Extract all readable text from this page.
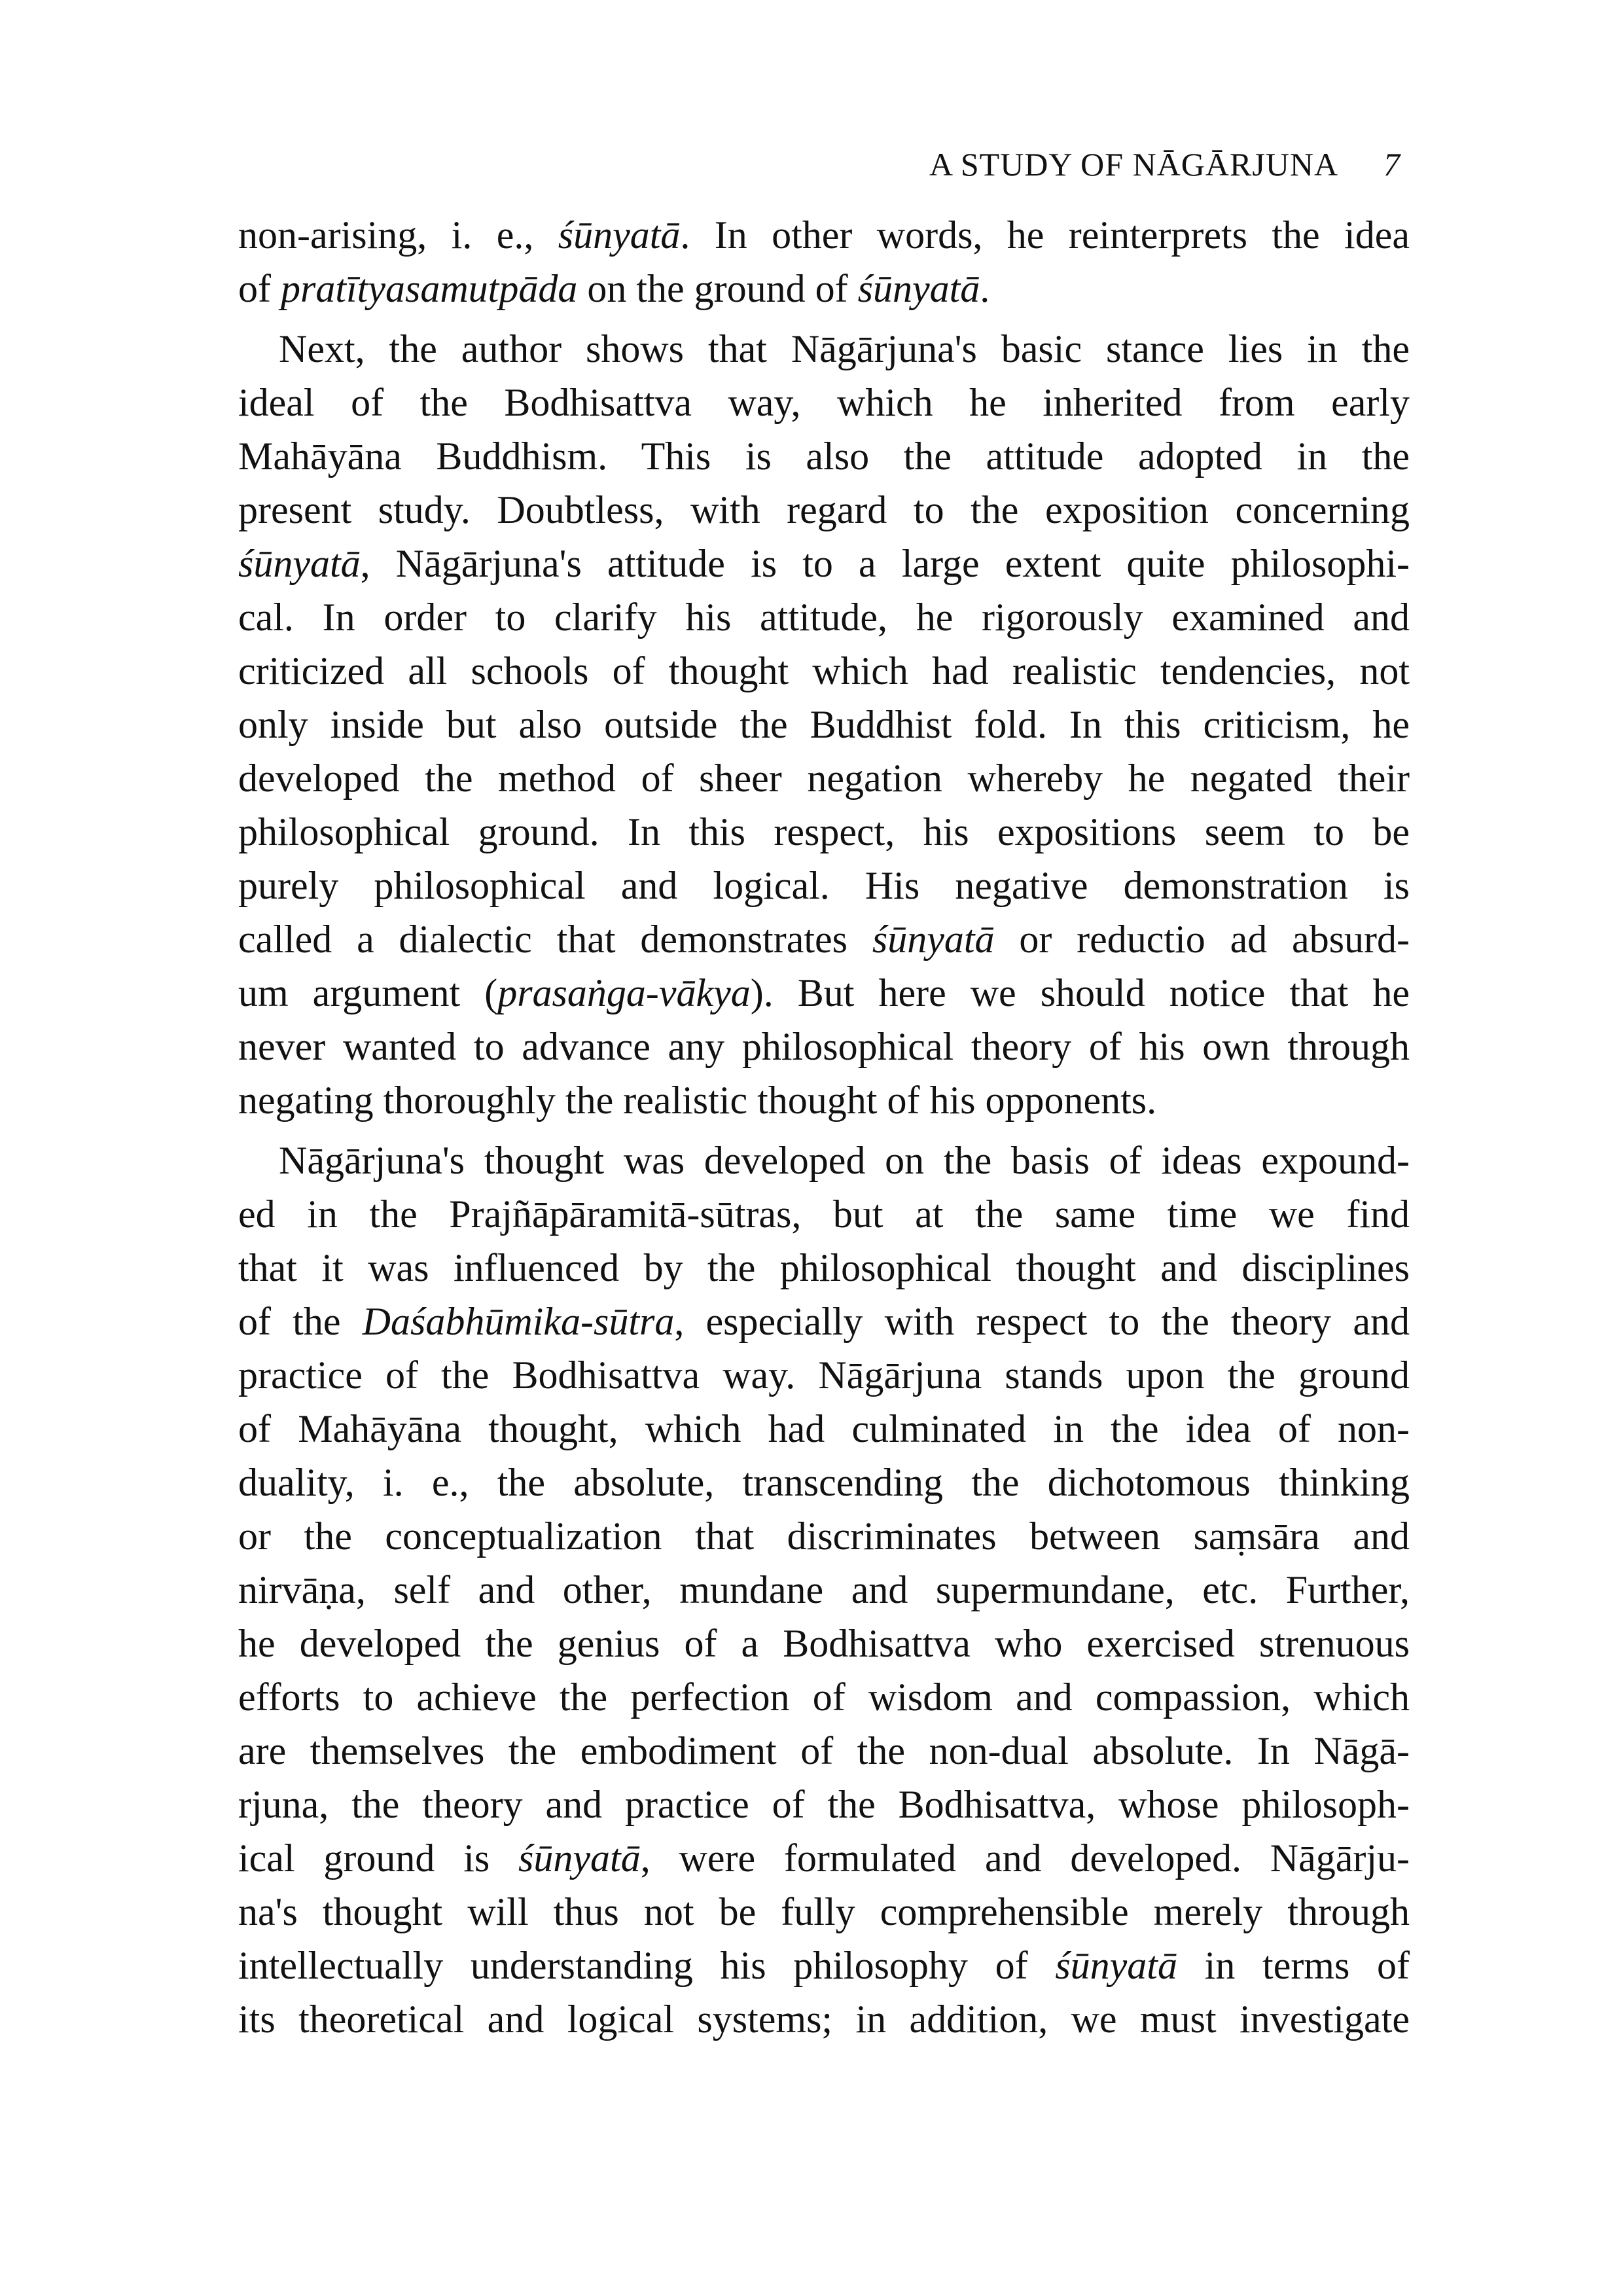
A STUDY OF NĀGĀRJUNA 7
non-arising, i. e., śūnyatā. In other words, he reinterprets the idea
of pratītyasamutpāda on the ground of śūnyatā.
Next, the author shows that Nāgārjuna's basic stance lies in the
ideal of the Bodhisattva way, which he inherited from early
Mahāyāna Buddhism. This is also the attitude adopted in the
present study. Doubtless, with regard to the exposition concerning
śūnyatā, Nāgārjuna's attitude is to a large extent quite philosophi-
cal. In order to clarify his attitude, he rigorously examined and
criticized all schools of thought which had realistic tendencies, not
only inside but also outside the Buddhist fold. In this criticism, he
developed the method of sheer negation whereby he negated their
philosophical ground. In this respect, his expositions seem to be
purely philosophical and logical. His negative demonstration is
called a dialectic that demonstrates śūnyatā or reductio ad absurd-
um argument (prasaṅga-vākya). But here we should notice that he
never wanted to advance any philosophical theory of his own through
negating thoroughly the realistic thought of his opponents.
Nāgārjuna's thought was developed on the basis of ideas expound-
ed in the Prajñāpāramitā-sūtras, but at the same time we find
that it was influenced by the philosophical thought and disciplines
of the Daśabhūmika-sūtra, especially with respect to the theory and
practice of the Bodhisattva way. Nāgārjuna stands upon the ground
of Mahāyāna thought, which had culminated in the idea of non-
duality, i. e., the absolute, transcending the dichotomous thinking
or the conceptualization that discriminates between saṃsāra and
nirvāṇa, self and other, mundane and supermundane, etc. Further,
he developed the genius of a Bodhisattva who exercised strenuous
efforts to achieve the perfection of wisdom and compassion, which
are themselves the embodiment of the non-dual absolute. In Nāgā-
rjuna, the theory and practice of the Bodhisattva, whose philosoph-
ical ground is śūnyatā, were formulated and developed. Nāgārju-
na's thought will thus not be fully comprehensible merely through
intellectually understanding his philosophy of śūnyatā in terms of
its theoretical and logical systems; in addition, we must investigate
